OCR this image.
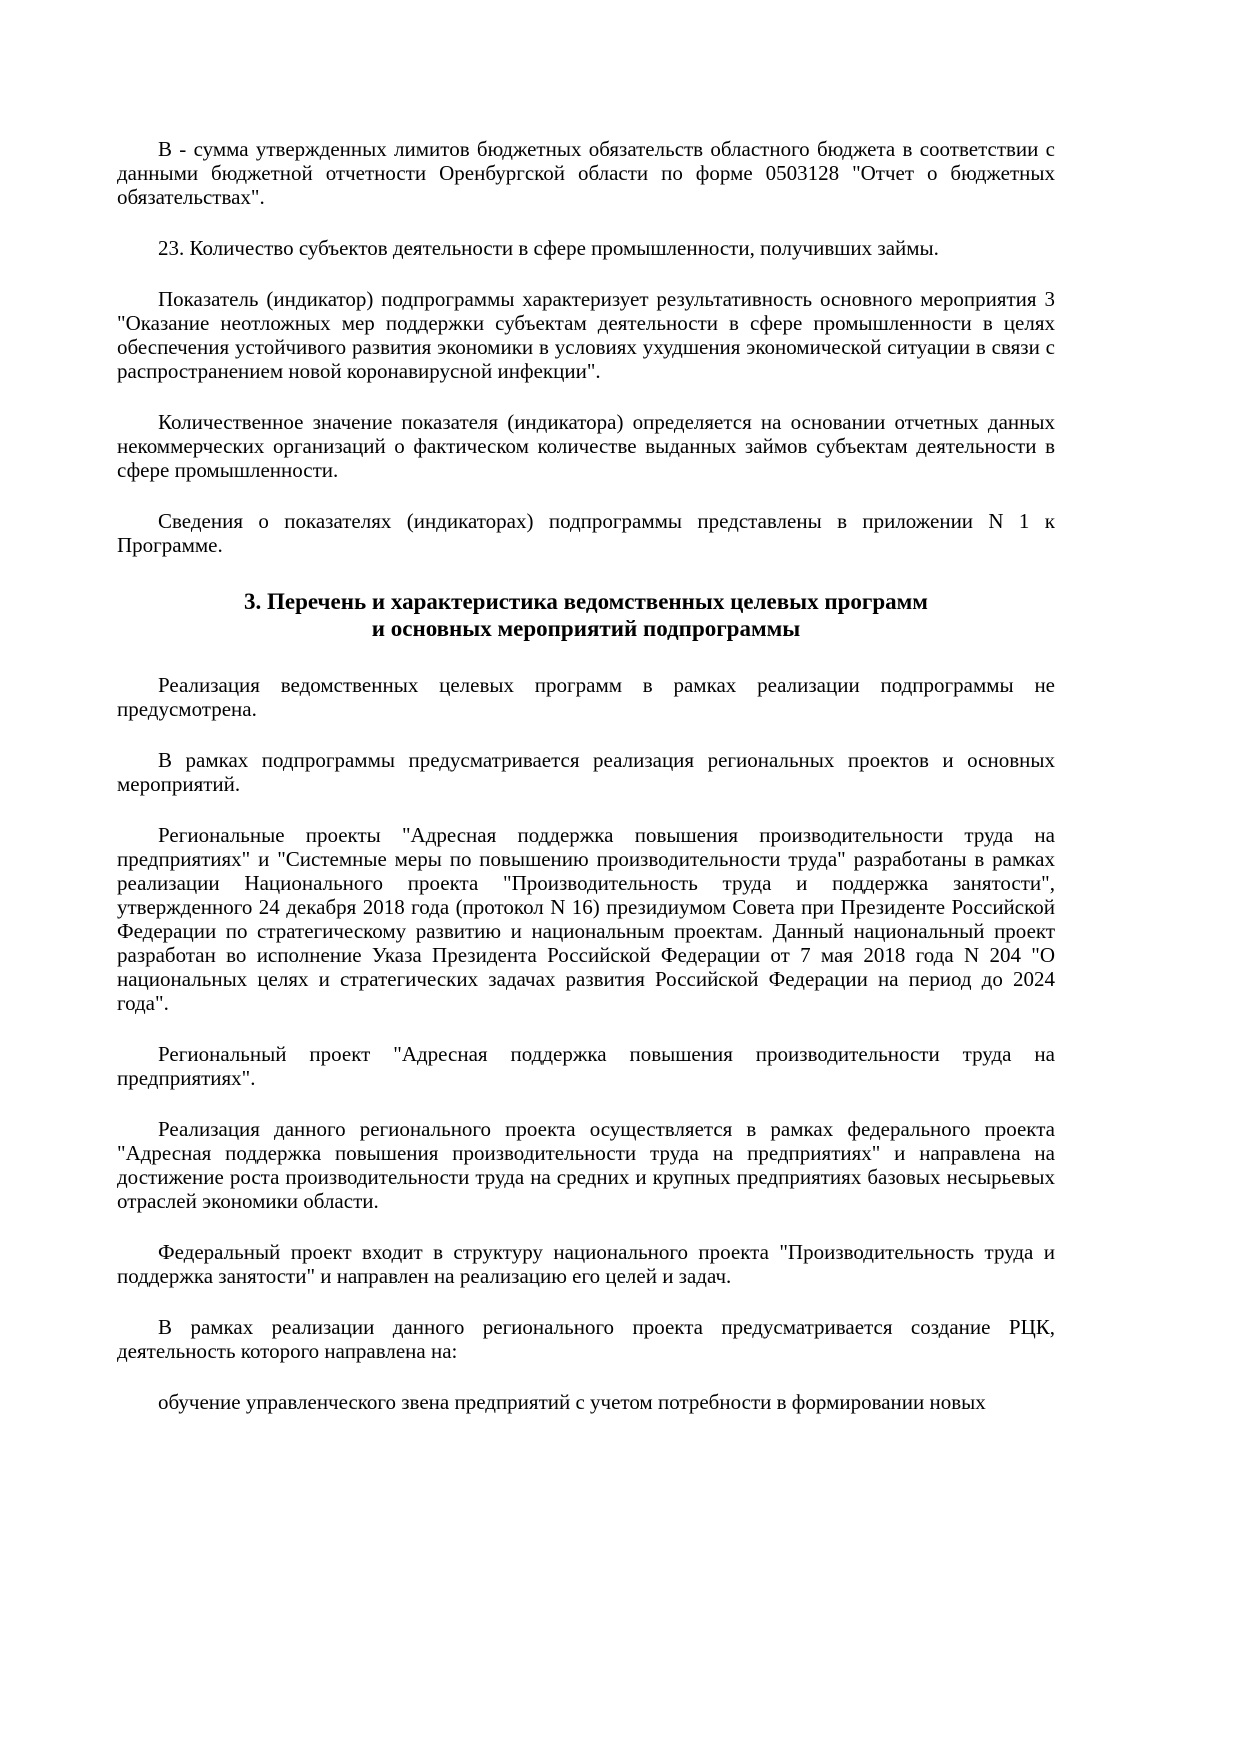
В - сумма утвержденных лимитов бюджетных обязательств областного бюджета в соответствии с данными бюджетной отчетности Оренбургской области по форме 0503128 "Отчет о бюджетных обязательствах".

23. Количество субъектов деятельности в сфере промышленности, получивших займы.

Показатель (индикатор) подпрограммы характеризует результативность основного мероприятия 3 "Оказание неотложных мер поддержки субъектам деятельности в сфере промышленности в целях обеспечения устойчивого развития экономики в условиях ухудшения экономической ситуации в связи с распространением новой коронавирусной инфекции".

Количественное значение показателя (индикатора) определяется на основании отчетных данных некоммерческих организаций о фактическом количестве выданных займов субъектам деятельности в сфере промышленности.

Сведения о показателях (индикаторах) подпрограммы представлены в приложении N 1 к Программе.

3. Перечень и характеристика ведомственных целевых программ
и основных мероприятий подпрограммы

Реализация ведомственных целевых программ в рамках реализации подпрограммы не предусмотрена.

В рамках подпрограммы предусматривается реализация региональных проектов и основных мероприятий.

Региональные проекты "Адресная поддержка повышения производительности труда на предприятиях" и "Системные меры по повышению производительности труда" разработаны в рамках реализации Национального проекта "Производительность труда и поддержка занятости", утвержденного 24 декабря 2018 года (протокол N 16) президиумом Совета при Президенте Российской Федерации по стратегическому развитию и национальным проектам. Данный национальный проект разработан во исполнение Указа Президента Российской Федерации от 7 мая 2018 года N 204 "О национальных целях и стратегических задачах развития Российской Федерации на период до 2024 года".

Региональный проект "Адресная поддержка повышения производительности труда на предприятиях".

Реализация данного регионального проекта осуществляется в рамках федерального проекта "Адресная поддержка повышения производительности труда на предприятиях" и направлена на достижение роста производительности труда на средних и крупных предприятиях базовых несырьевых отраслей экономики области.

Федеральный проект входит в структуру национального проекта "Производительность труда и поддержка занятости" и направлен на реализацию его целей и задач.

В рамках реализации данного регионального проекта предусматривается создание РЦК, деятельность которого направлена на:

обучение управленческого звена предприятий с учетом потребности в формировании новых
